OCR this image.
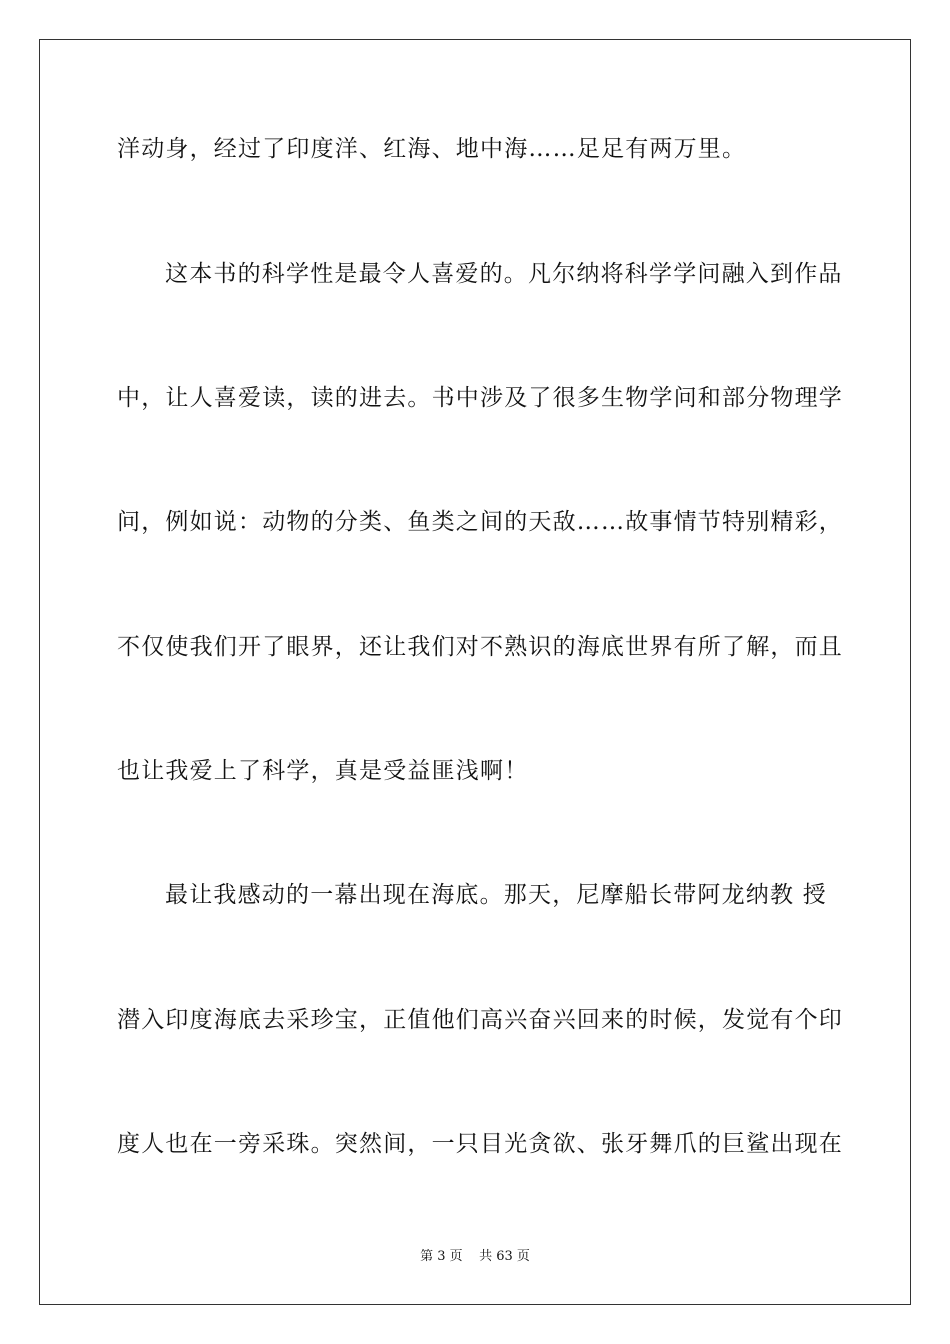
洋动身，经过了印度洋、红海、地中海……足足有两万里。
这本书的科学性是最令人喜爱的。凡尔纳将科学学问融入到作品
中，让人喜爱读，读的进去。书中涉及了很多生物学问和部分物理学
问，例如说：动物的分类、鱼类之间的天敌……故事情节特别精彩，
不仅使我们开了眼界，还让我们对不熟识的海底世界有所了解，而且
也让我爱上了科学，真是受益匪浅啊！
最让我感动的一幕出现在海底。那天，尼摩船长带阿龙纳教 授
潜入印度海底去采珍宝，正值他们高兴奋兴回来的时候，发觉有个印
度人也在一旁采珠。突然间，一只目光贪欲、张牙舞爪的巨鲨出现在
第 3 页    共 63 页
